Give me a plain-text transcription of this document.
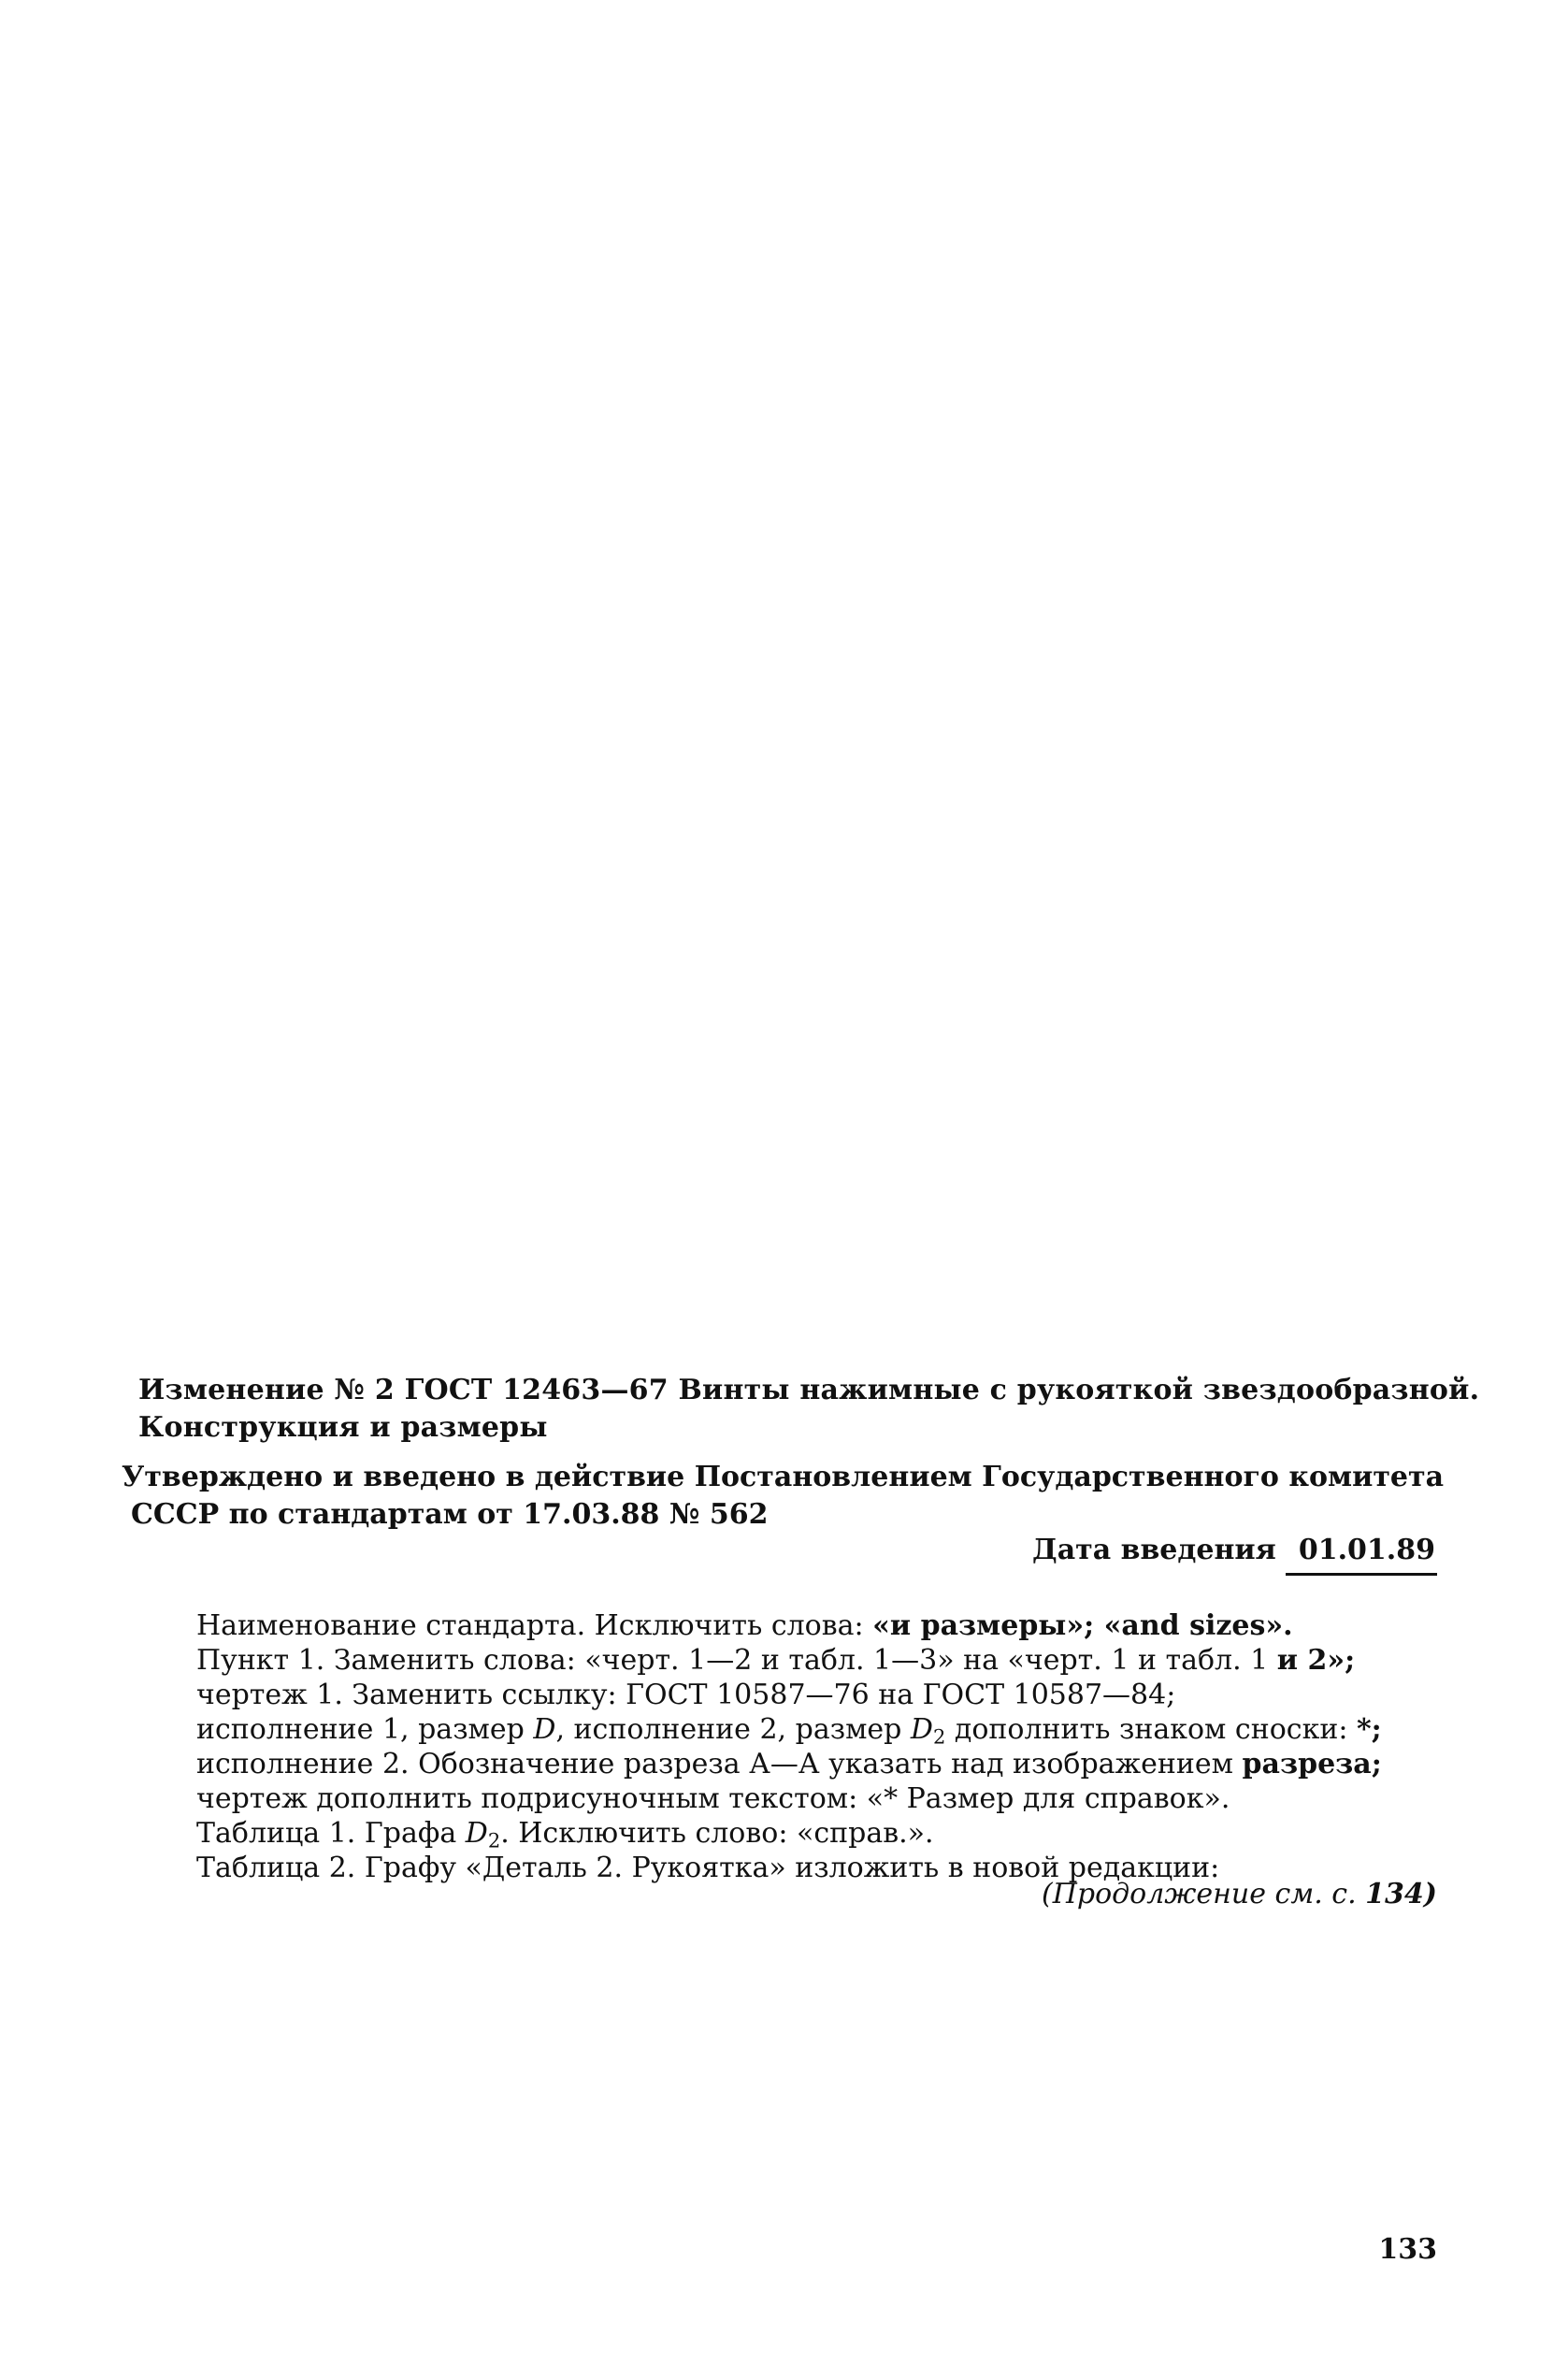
Изменение № 2 ГОСТ 12463—67 Винты нажимные с рукояткой звездообразной.
Конструкция и размеры
Утверждено и введено в действие Постановлением Государственного комитета
СССР по стандартам от 17.03.88 № 562
Дата введения 01.01.89
Наименование стандарта. Исключить слова: «и размеры»; «and sizes».
Пункт 1. Заменить слова: «черт. 1—2 и табл. 1—3» на «черт. 1 и табл. 1 и 2»;
чертеж 1. Заменить ссылку: ГОСТ 10587—76 на ГОСТ 10587—84;
исполнение 1, размер D, исполнение 2, размер $D_2$ дополнить знаком сноски: *;
исполнение 2. Обозначение разреза А—А указать над изображением разреза;
чертеж дополнить подрисуночным текстом: «* Размер для справок».
Таблица 1. Графа $D_2$. Исключить слово: «справ.».
Таблица 2. Графу «Деталь 2. Рукоятка» изложить в новой редакции:
(Продолжение см. с. 134)
133
